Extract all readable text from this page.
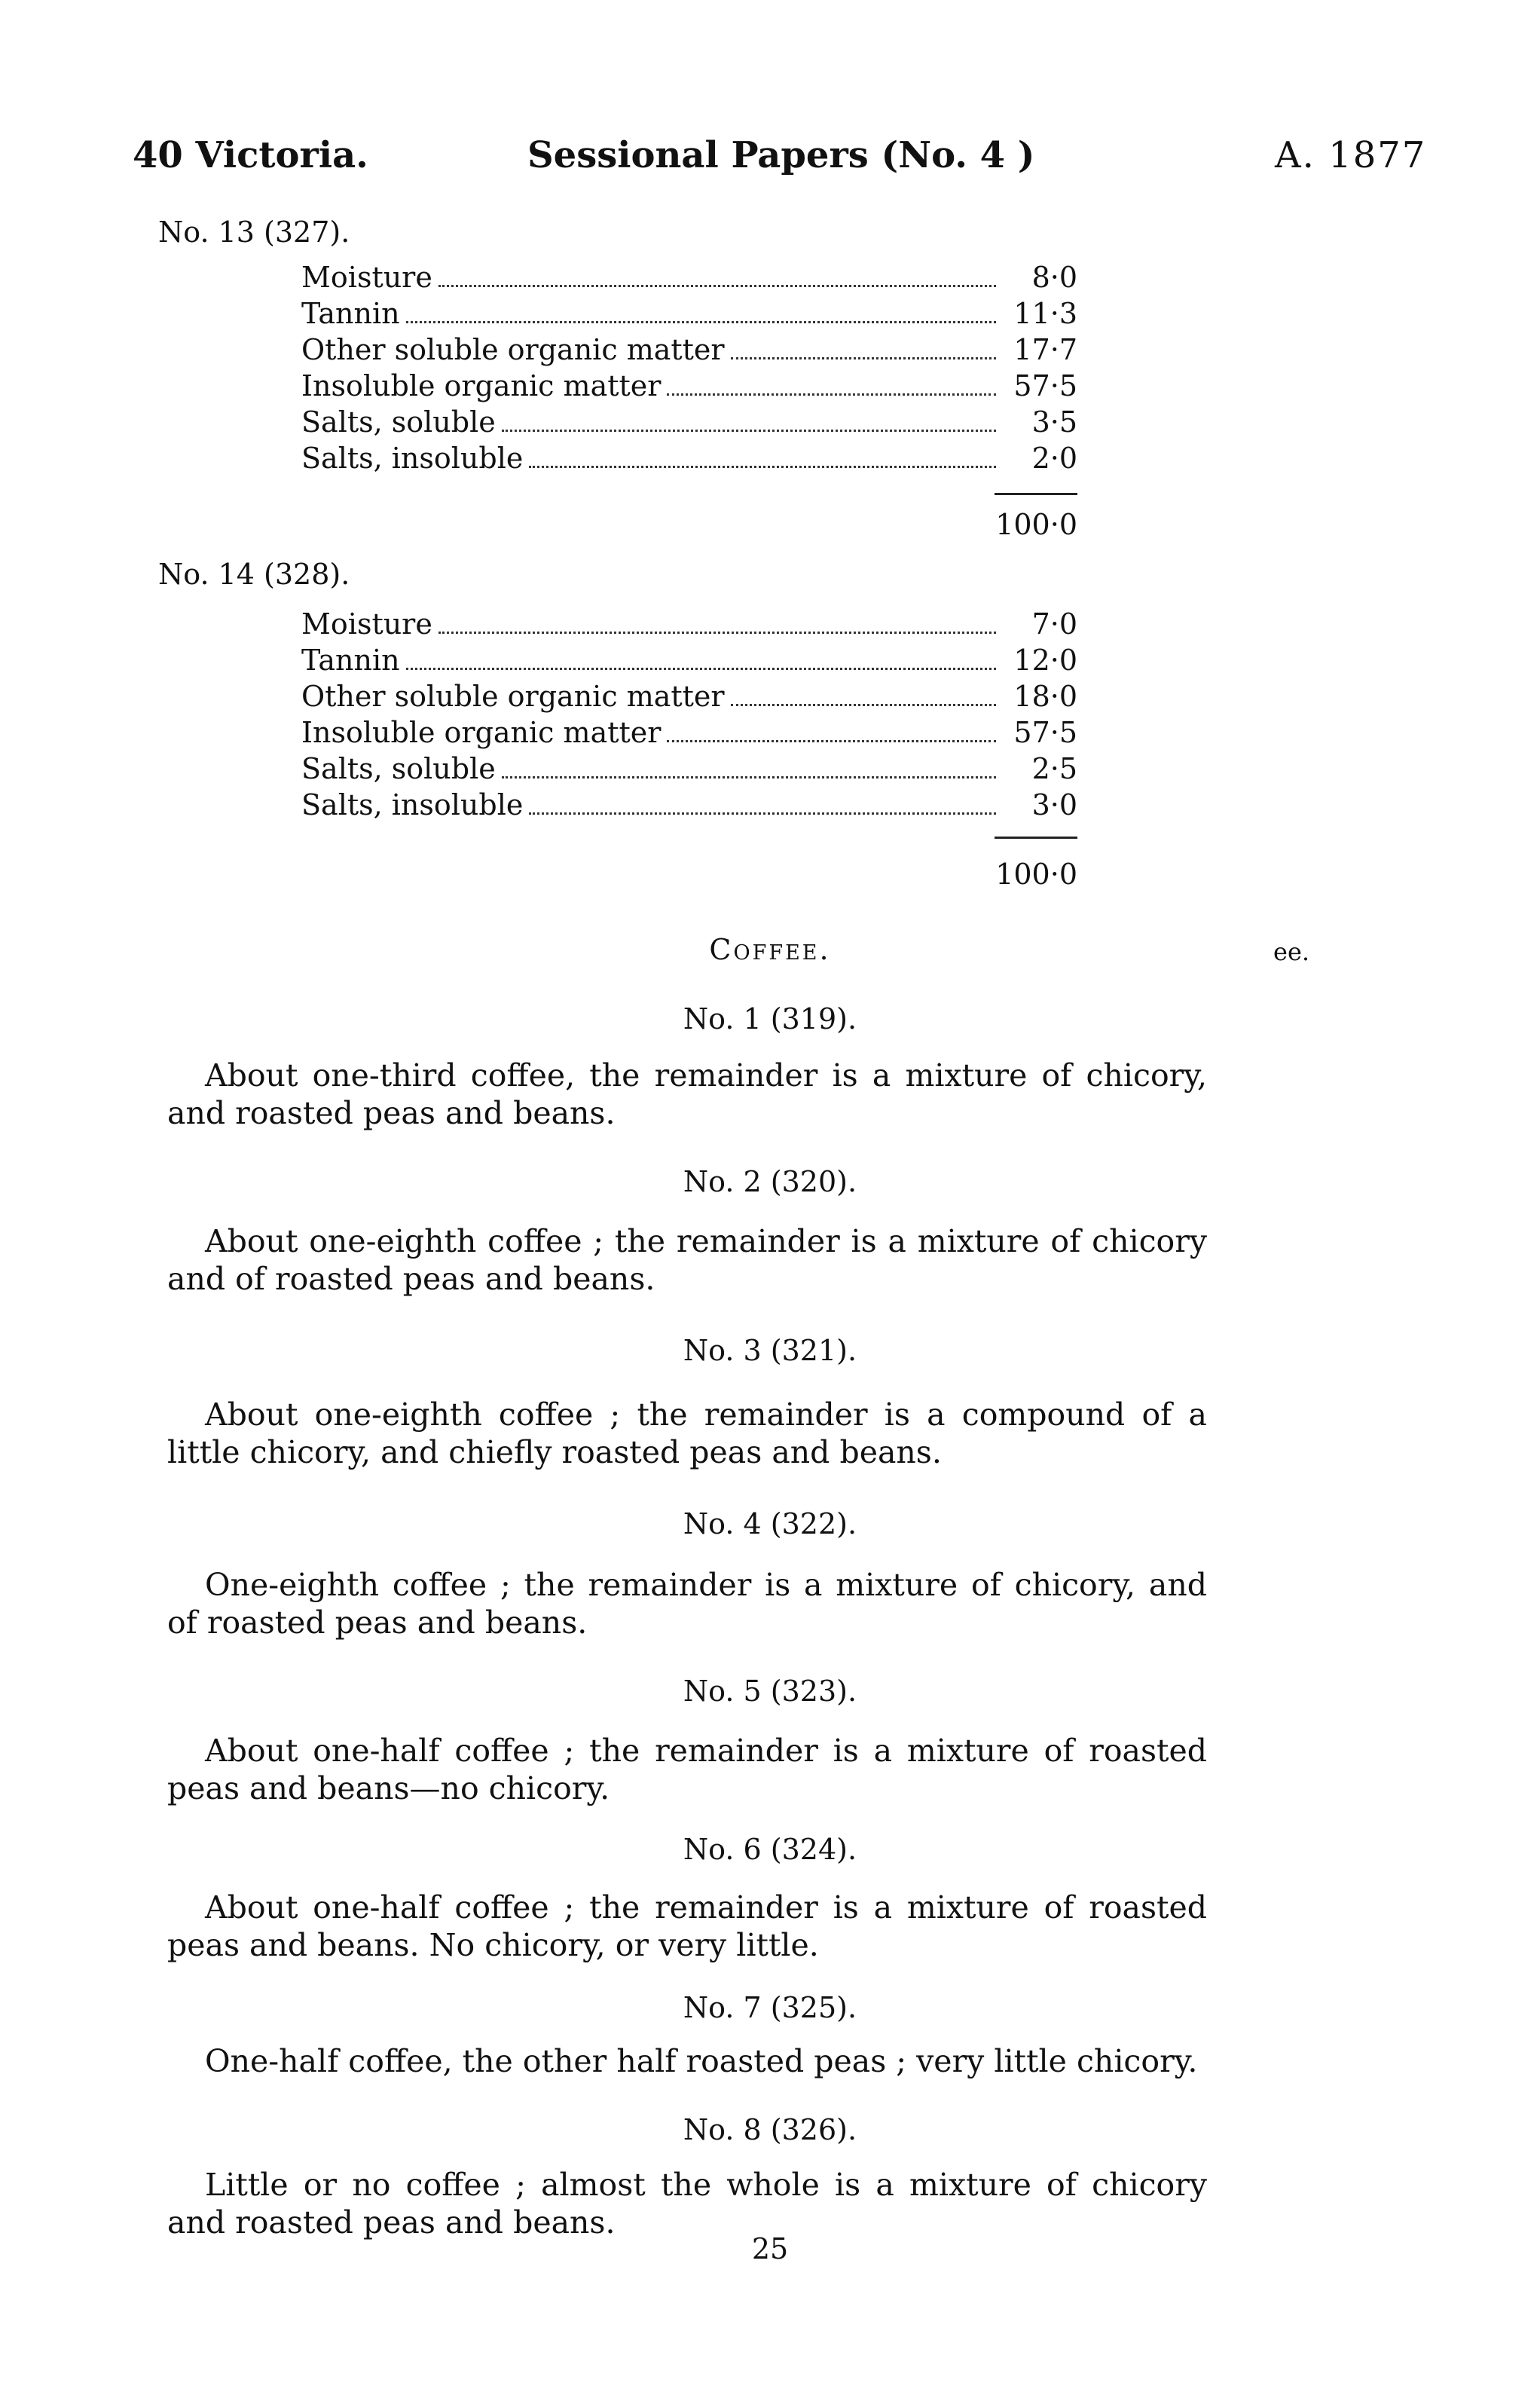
40 Victoria.	Sessional Papers (No. 4 )	A. 1877
No. 13 (327).
Moisture	8·0
Tannin	11·3
Other soluble organic matter	17·7
Insoluble organic matter	57·5
Salts, soluble	3·5
Salts, insoluble	2·0
100·0
No. 14 (328).
Moisture	7·0
Tannin	12·0
Other soluble organic matter	18·0
Insoluble organic matter	57·5
Salts, soluble	2·5
Salts, insoluble	3·0
100·0
Coffee.	ee.
No. 1 (319).

About one-third coffee, the remainder is a mixture of chicory, and roasted peas and beans.

No. 2 (320).

About one-eighth coffee ; the remainder is a mixture of chicory and of roasted peas and beans.

No. 3 (321).

About one-eighth coffee ; the remainder is a compound of a little chicory, and chiefly roasted peas and beans.

No. 4 (322).

One-eighth coffee ; the remainder is a mixture of chicory, and of roasted peas and beans.

No. 5 (323).

About one-half coffee ; the remainder is a mixture of roasted peas and beans—no chicory.

No. 6 (324).

About one-half coffee ; the remainder is a mixture of roasted peas and beans. No chicory, or very little.

No. 7 (325).

One-half coffee, the other half roasted peas ; very little chicory.

No. 8 (326).

Little or no coffee ; almost the whole is a mixture of chicory and roasted peas and beans.

25
